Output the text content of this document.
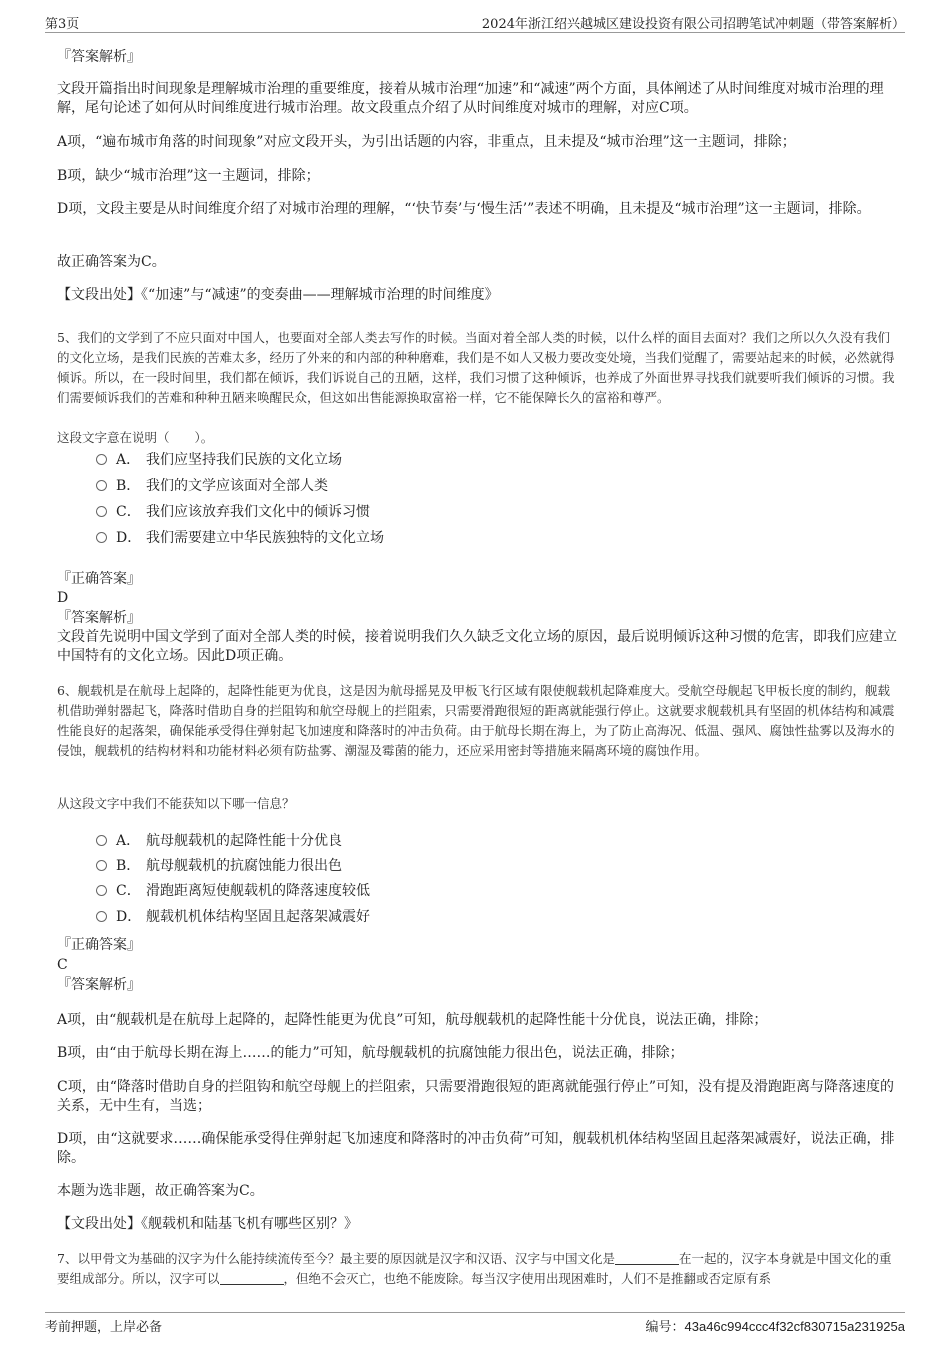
第3页	2024年浙江绍兴越城区建设投资有限公司招聘笔试冲刺题（带答案解析）
『答案解析』
文段开篇指出时间现象是理解城市治理的重要维度，接着从城市治理“加速”和“减速”两个方面，具体阐述了从时间维度对城市治理的理解，尾句论述了如何从时间维度进行城市治理。故文段重点介绍了从时间维度对城市的理解，对应C项。
A项，“遍布城市角落的时间现象”对应文段开头，为引出话题的内容，非重点，且未提及“城市治理”这一主题词，排除；
B项，缺少“城市治理”这一主题词，排除；
D项，文段主要是从时间维度介绍了对城市治理的理解，“‘快节奏’与‘慢生活’”表述不明确，且未提及“城市治理”这一主题词，排除。
故正确答案为C。
【文段出处】《“加速”与“减速”的变奏曲——理解城市治理的时间维度》
5、我们的文学到了不应只面对中国人，也要面对全部人类去写作的时候。当面对着全部人类的时候，以什么样的面目去面对？我们之所以久久没有我们的文化立场，是我们民族的苦难太多，经历了外来的和内部的种种磨难，我们是不如人又极力要改变处境，当我们觉醒了，需要站起来的时候，必然就得倾诉。所以，在一段时间里，我们都在倾诉，我们诉说自己的丑陋，这样，我们习惯了这种倾诉，也养成了外面世界寻找我们就要听我们倾诉的习惯。我们需要倾诉我们的苦难和种种丑陋来唤醒民众，但这如出售能源换取富裕一样，它不能保障长久的富裕和尊严。
这段文字意在说明（　　）。
A． 我们应坚持我们民族的文化立场
B． 我们的文学应该面对全部人类
C． 我们应该放弃我们文化中的倾诉习惯
D． 我们需要建立中华民族独特的文化立场
『正确答案』
D
『答案解析』
文段首先说明中国文学到了面对全部人类的时候，接着说明我们久久缺乏文化立场的原因，最后说明倾诉这种习惯的危害，即我们应建立中国特有的文化立场。因此D项正确。
6、舰载机是在航母上起降的，起降性能更为优良，这是因为航母摇晃及甲板飞行区域有限使舰载机起降难度大。受航空母舰起飞甲板长度的制约，舰载机借助弹射器起飞，降落时借助自身的拦阻钩和航空母舰上的拦阻索，只需要滑跑很短的距离就能强行停止。这就要求舰载机具有坚固的机体结构和减震性能良好的起落架，确保能承受得住弹射起飞加速度和降落时的冲击负荷。由于航母长期在海上，为了防止高海况、低温、强风、腐蚀性盐雾以及海水的侵蚀，舰载机的结构材料和功能材料必须有防盐雾、潮湿及霉菌的能力，还应采用密封等措施来隔离环境的腐蚀作用。
从这段文字中我们不能获知以下哪一信息？
A． 航母舰载机的起降性能十分优良
B． 航母舰载机的抗腐蚀能力很出色
C． 滑跑距离短使舰载机的降落速度较低
D． 舰载机机体结构坚固且起落架减震好
『正确答案』
C
『答案解析』
A项，由“舰载机是在航母上起降的，起降性能更为优良”可知，航母舰载机的起降性能十分优良，说法正确，排除；
B项，由“由于航母长期在海上……的能力”可知，航母舰载机的抗腐蚀能力很出色，说法正确，排除；
C项，由“降落时借助自身的拦阻钩和航空母舰上的拦阻索，只需要滑跑很短的距离就能强行停止”可知，没有提及滑跑距离与降落速度的关系，无中生有，当选；
D项，由“这就要求……确保能承受得住弹射起飞加速度和降落时的冲击负荷”可知，舰载机机体结构坚固且起落架减震好，说法正确，排除。
本题为选非题，故正确答案为C。
【文段出处】《舰载机和陆基飞机有哪些区别？》
7、以甲骨文为基础的汉字为什么能持续流传至今？最主要的原因就是汉字和汉语、汉字与中国文化是	在一起的，汉字本身就是中国文化的重要组成部分。所以，汉字可以	，但绝不会灭亡，也绝不能废除。每当汉字使用出现困难时，人们不是推翻或否定原有系
考前押题，上岸必备	编号：43a46c994ccc4f32cf830715a231925a
